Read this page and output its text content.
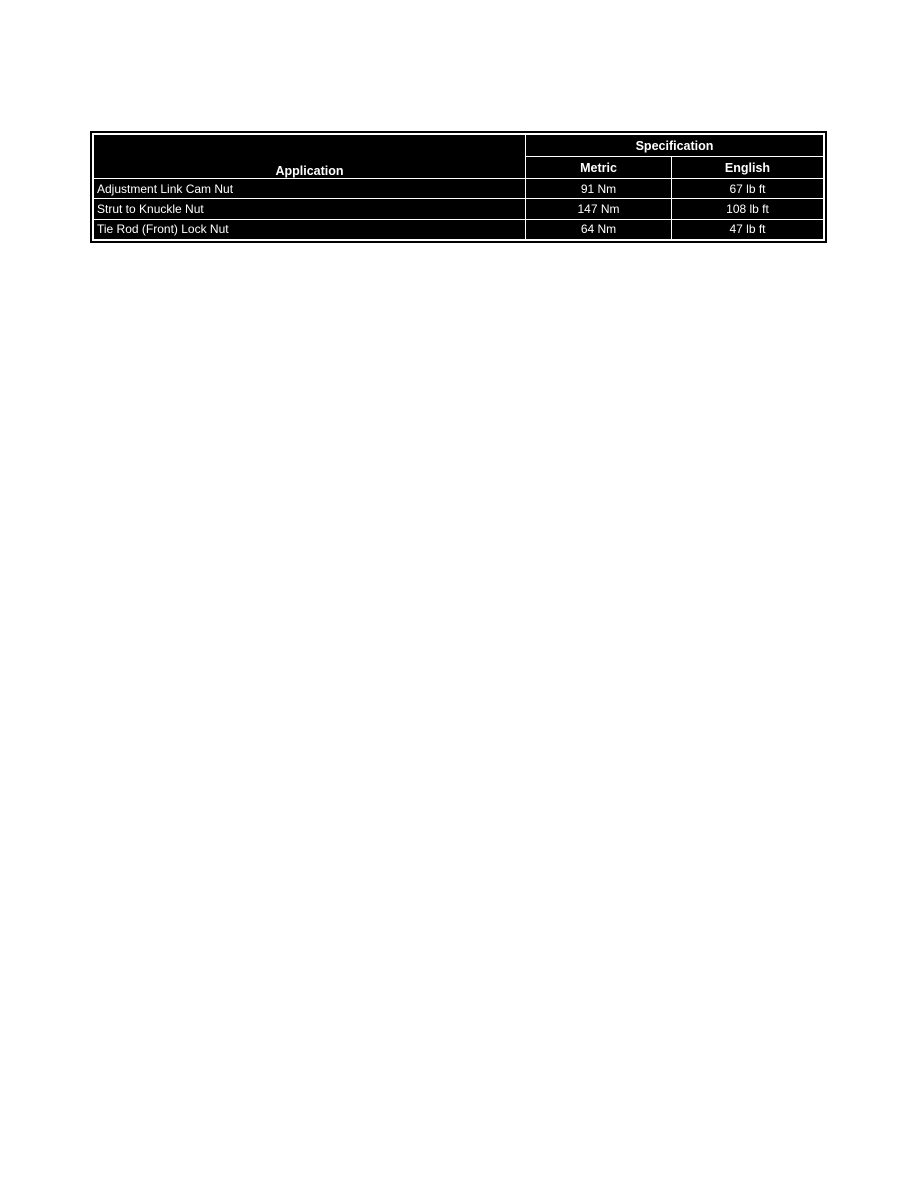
Application	Specification	
	Metric	English
Adjustment Link Cam Nut	91 Nm	67 lb ft
Strut to Knuckle Nut	147 Nm	108 lb ft
Tie Rod (Front) Lock Nut	64 Nm	47 lb ft
